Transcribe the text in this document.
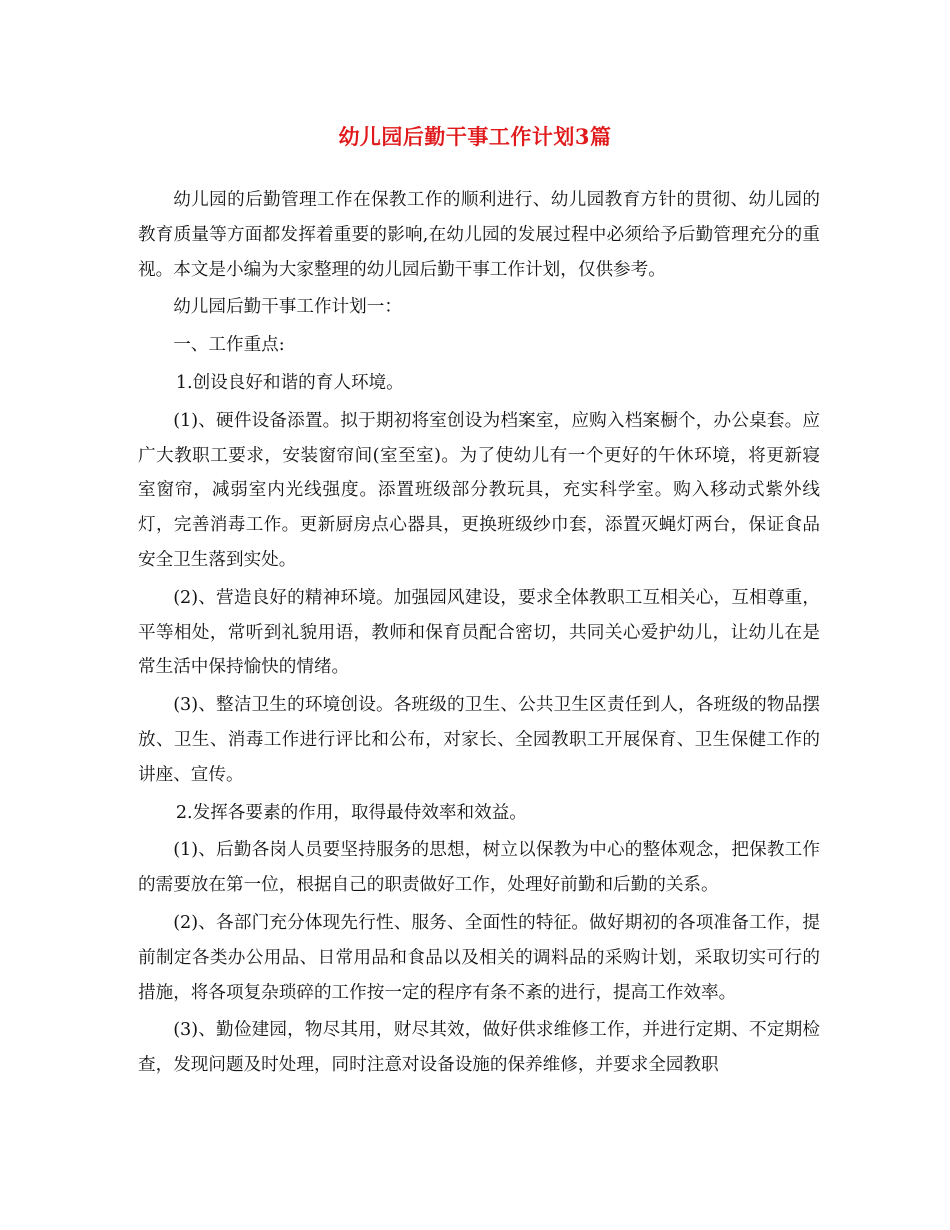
幼儿园后勤干事工作计划3篇

幼儿园的后勤管理工作在保教工作的顺利进行、幼儿园教育方针的贯彻、幼儿园的教育质量等方面都发挥着重要的影响,在幼儿园的发展过程中必须给予后勤管理充分的重视。本文是小编为大家整理的幼儿园后勤干事工作计划，仅供参考。

幼儿园后勤干事工作计划一：

一、工作重点:

1.创设良好和谐的育人环境。

(1)、硬件设备添置。拟于期初将室创设为档案室，应购入档案橱个，办公桌套。应广大教职工要求，安装窗帘间(室至室)。为了使幼儿有一个更好的午休环境，将更新寝室窗帘，减弱室内光线强度。添置班级部分教玩具，充实科学室。购入移动式紫外线灯，完善消毒工作。更新厨房点心器具，更换班级纱巾套，添置灭蝇灯两台，保证食品安全卫生落到实处。

(2)、营造良好的精神环境。加强园风建设，要求全体教职工互相关心，互相尊重，平等相处，常听到礼貌用语，教师和保育员配合密切，共同关心爱护幼儿，让幼儿在是常生活中保持愉快的情绪。

(3)、整洁卫生的环境创设。各班级的卫生、公共卫生区责任到人，各班级的物品摆放、卫生、消毒工作进行评比和公布，对家长、全园教职工开展保育、卫生保健工作的讲座、宣传。

2.发挥各要素的作用，取得最侍效率和效益。

(1)、后勤各岗人员要坚持服务的思想，树立以保教为中心的整体观念，把保教工作的需要放在第一位，根据自己的职责做好工作，处理好前勤和后勤的关系。

(2)、各部门充分体现先行性、服务、全面性的特征。做好期初的各项准备工作，提前制定各类办公用品、日常用品和食品以及相关的调料品的采购计划，采取切实可行的措施，将各项复杂琐碎的工作按一定的程序有条不紊的进行，提高工作效率。

(3)、勤俭建园，物尽其用，财尽其效，做好供求维修工作，并进行定期、不定期检查，发现问题及时处理，同时注意对设备设施的保养维修，并要求全园教职
